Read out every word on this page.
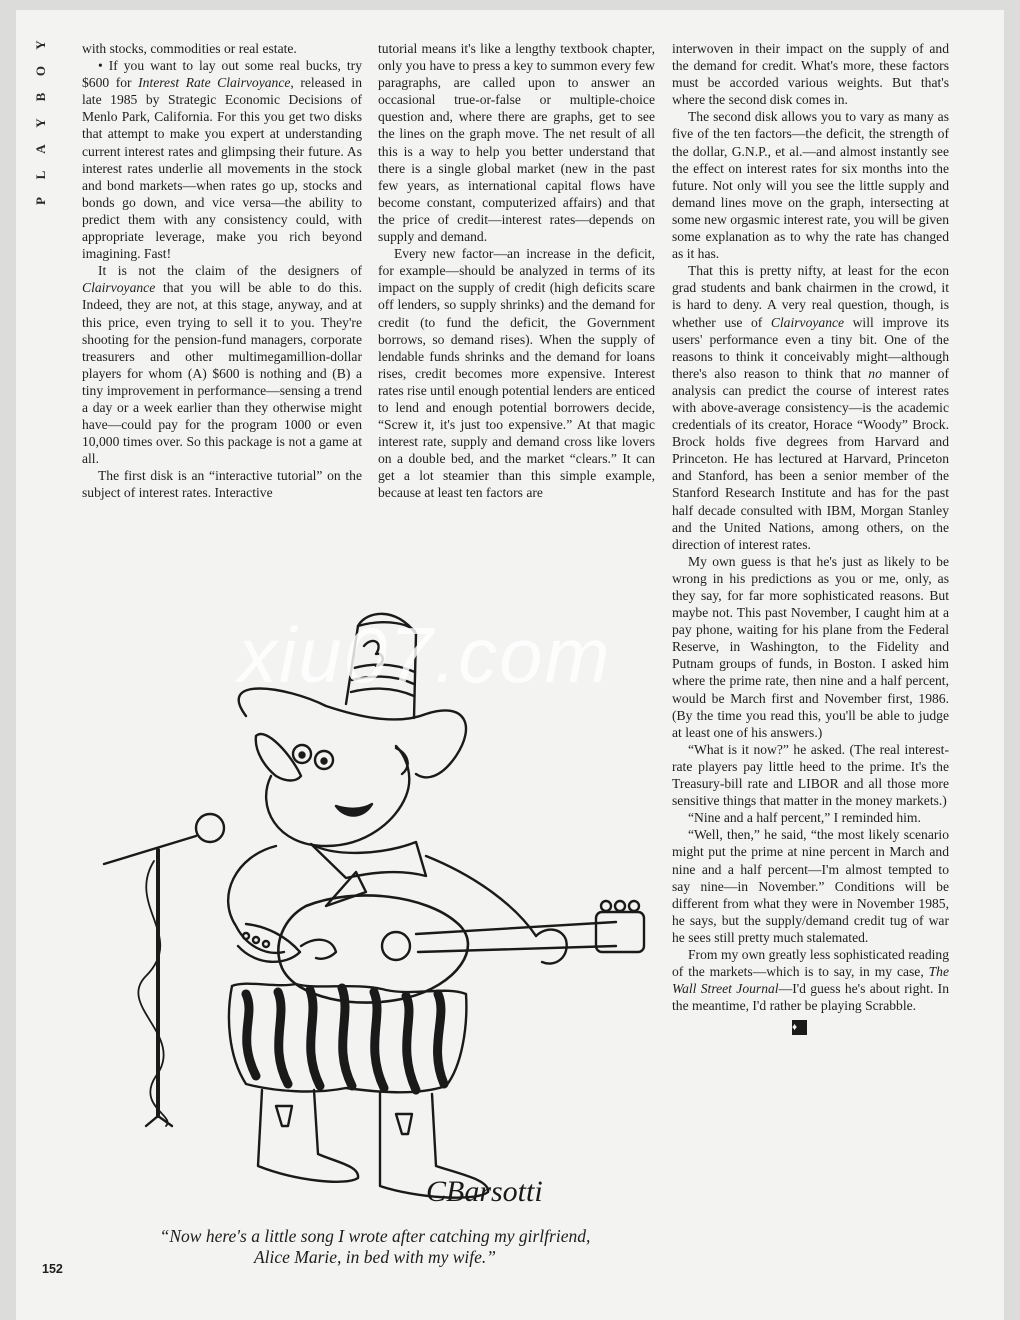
Y
O
B
Y
A
L
P

with stocks, commodities or real estate.

• If you want to lay out some real bucks, try $600 for Interest Rate Clairvoyance, released in late 1985 by Strategic Economic Decisions of Menlo Park, California. For this you get two disks that attempt to make you expert at understanding current interest rates and glimpsing their future. As interest rates underlie all movements in the stock and bond markets—when rates go up, stocks and bonds go down, and vice versa—the ability to predict them with any consistency could, with appropriate leverage, make you rich beyond imagining. Fast!

It is not the claim of the designers of Clairvoyance that you will be able to do this. Indeed, they are not, at this stage, anyway, and at this price, even trying to sell it to you. They're shooting for the pension-fund managers, corporate treasurers and other multimegamillion-dollar players for whom (A) $600 is nothing and (B) a tiny improvement in performance—sensing a trend a day or a week earlier than they otherwise might have—could pay for the program 1000 or even 10,000 times over. So this package is not a game at all.

The first disk is an “interactive tutorial” on the subject of interest rates. Interactive

tutorial means it's like a lengthy textbook chapter, only you have to press a key to summon every few paragraphs, are called upon to answer an occasional true-or-false or multiple-choice question and, where there are graphs, get to see the lines on the graph move. The net result of all this is a way to help you better understand that there is a single global market (new in the past few years, as international capital flows have become constant, computerized affairs) and that the price of credit—interest rates—depends on supply and demand.

Every new factor—an increase in the deficit, for example—should be analyzed in terms of its impact on the supply of credit (high deficits scare off lenders, so supply shrinks) and the demand for credit (to fund the deficit, the Government borrows, so demand rises). When the supply of lendable funds shrinks and the demand for loans rises, credit becomes more expensive. Interest rates rise until enough potential lenders are enticed to lend and enough potential borrowers decide, “Screw it, it's just too expensive.” At that magic interest rate, supply and demand cross like lovers on a double bed, and the market “clears.” It can get a lot steamier than this simple example, because at least ten factors are

interwoven in their impact on the supply of and the demand for credit. What's more, these factors must be accorded various weights. But that's where the second disk comes in.

The second disk allows you to vary as many as five of the ten factors—the deficit, the strength of the dollar, G.N.P., et al.—and almost instantly see the effect on interest rates for six months into the future. Not only will you see the little supply and demand lines move on the graph, intersecting at some new orgasmic interest rate, you will be given some explanation as to why the rate has changed as it has.

That this is pretty nifty, at least for the econ grad students and bank chairmen in the crowd, it is hard to deny. A very real question, though, is whether use of Clairvoyance will improve its users' performance even a tiny bit. One of the reasons to think it conceivably might—although there's also reason to think that no manner of analysis can predict the course of interest rates with above-average consistency—is the academic credentials of its creator, Horace “Woody” Brock. Brock holds five degrees from Harvard and Princeton. He has lectured at Harvard, Princeton and Stanford, has been a senior member of the Stanford Research Institute and has for the past half decade consulted with IBM, Morgan Stanley and the United Nations, among others, on the direction of interest rates.

My own guess is that he's just as likely to be wrong in his predictions as you or me, only, as they say, for far more sophisticated reasons. But maybe not. This past November, I caught him at a pay phone, waiting for his plane from the Federal Reserve, in Washington, to the Fidelity and Putnam groups of funds, in Boston. I asked him where the prime rate, then nine and a half percent, would be March first and November first, 1986. (By the time you read this, you'll be able to judge at least one of his answers.)

“What is it now?” he asked. (The real interest-rate players pay little heed to the prime. It's the Treasury-bill rate and LIBOR and all those more sensitive things that matter in the money markets.)

“Nine and a half percent,” I reminded him.

“Well, then,” he said, “the most likely scenario might put the prime at nine percent in March and nine and a half percent—I'm almost tempted to say nine—in November.” Conditions will be different from what they were in November 1985, he says, but the supply/demand credit tug of war he sees still pretty much stalemated.

From my own greatly less sophisticated reading of the markets—which is to say, in my case, The Wall Street Journal—I'd guess he's about right. In the meantime, I'd rather be playing Scrabble.

♦

CBarsotti
“Now here's a little song I wrote after catching my girlfriend, Alice Marie, in bed with my wife.”
152
xiu07.com
